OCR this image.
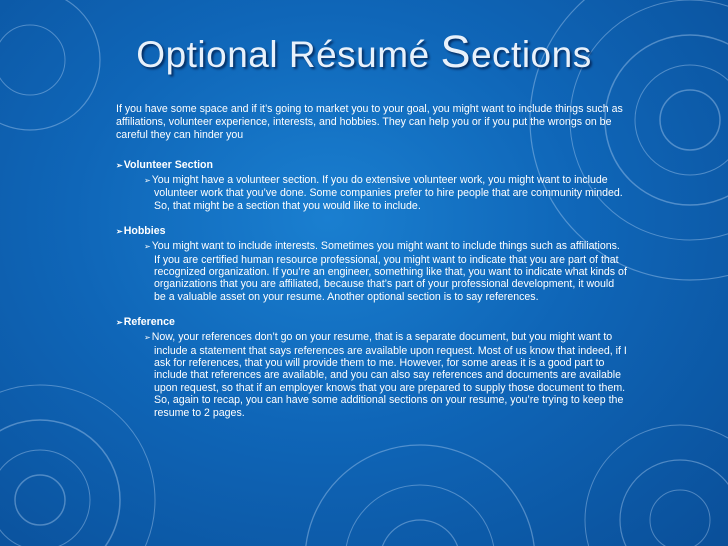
Optional Résumé Sections
If you have some space and if it’s going to market you to your goal, you might want to include things such as affiliations, volunteer experience, interests, and hobbies. They can help you or if you put the wrongs on be careful they can hinder you
➢Volunteer Section
➢You might have a volunteer section. If you do extensive volunteer work, you might want to include volunteer work that you’ve done. Some companies prefer to hire people that are community minded. So, that might be a section that you would like to include.
➢Hobbies
➢You might want to include interests. Sometimes you might want to include things such as affiliations. If you are certified human resource professional, you might want to indicate that you are part of that recognized organization. If you’re an engineer, something like that, you want to indicate what kinds of organizations that you are affiliated, because that’s part of your professional development, it would be a valuable asset on your resume. Another optional section is to say references.
➢Reference
➢Now, your references don’t go on your resume, that is a separate document, but you might want to include a statement that says references are available upon request. Most of us know that indeed, if I ask for references, that you will provide them to me. However, for some areas it is a good part to include that references are available, and you can also say references and documents are available upon request, so that if an employer knows that you are prepared to supply those document to them. So, again to recap, you can have some additional sections on your resume, you’re trying to keep the resume to 2 pages.
